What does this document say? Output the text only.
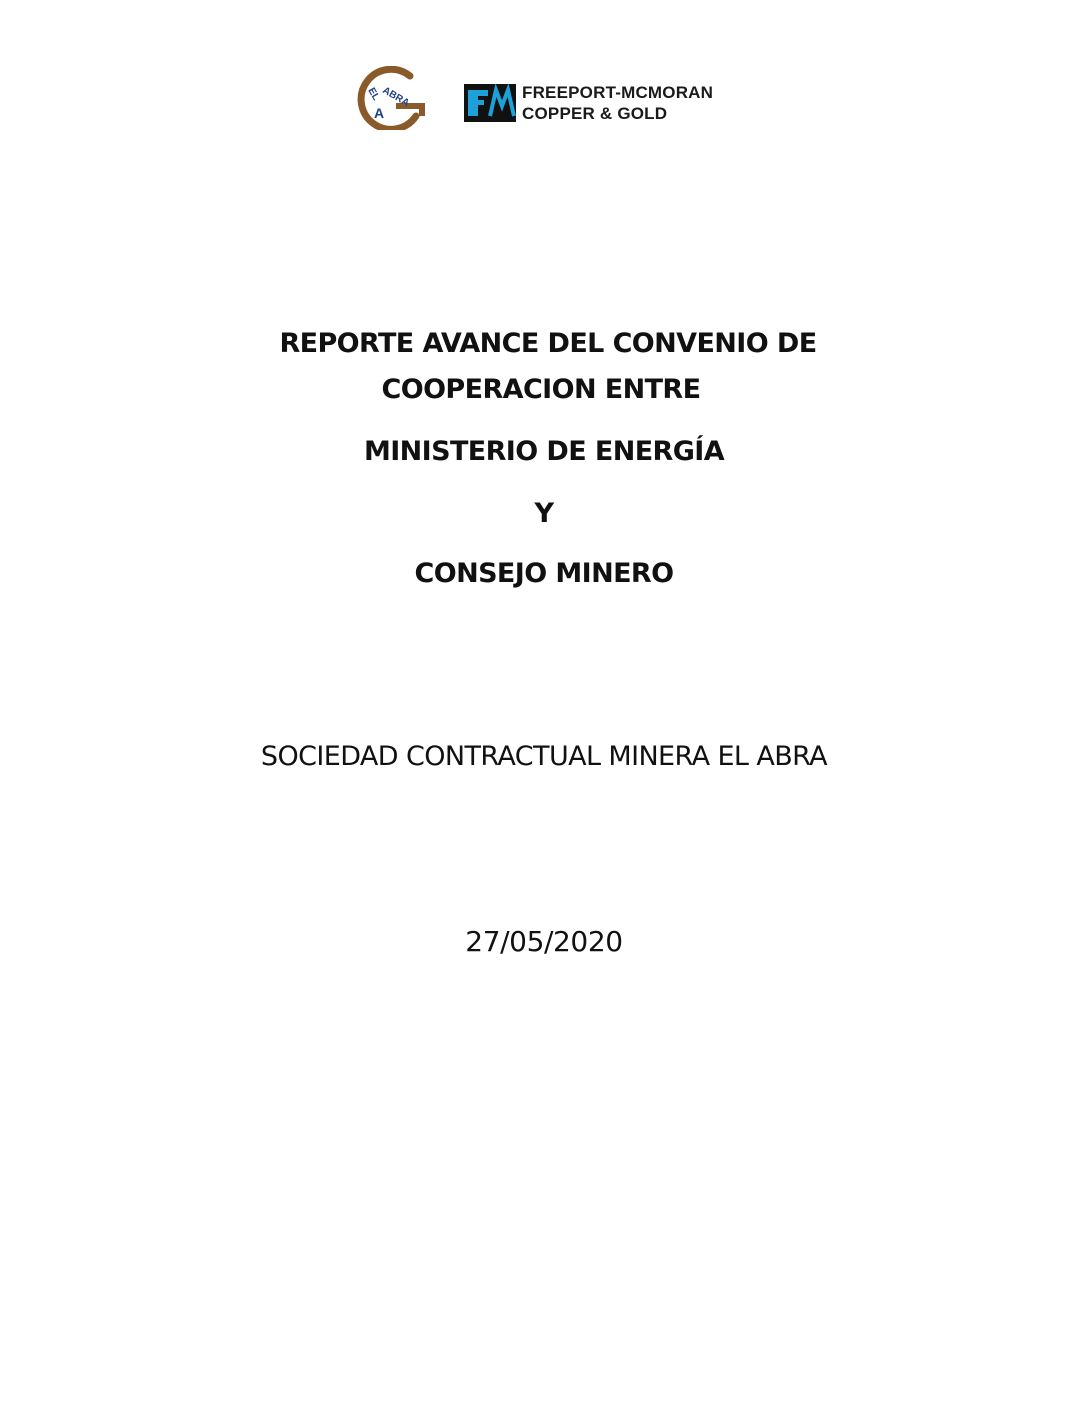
EL ABRA
A
FREEPORT-MCMORAN
COPPER & GOLD
REPORTE AVANCE DEL CONVENIO DE
COOPERACION ENTRE
MINISTERIO DE ENERGÍA
Y
CONSEJO MINERO
SOCIEDAD CONTRACTUAL MINERA EL ABRA
27/05/2020
